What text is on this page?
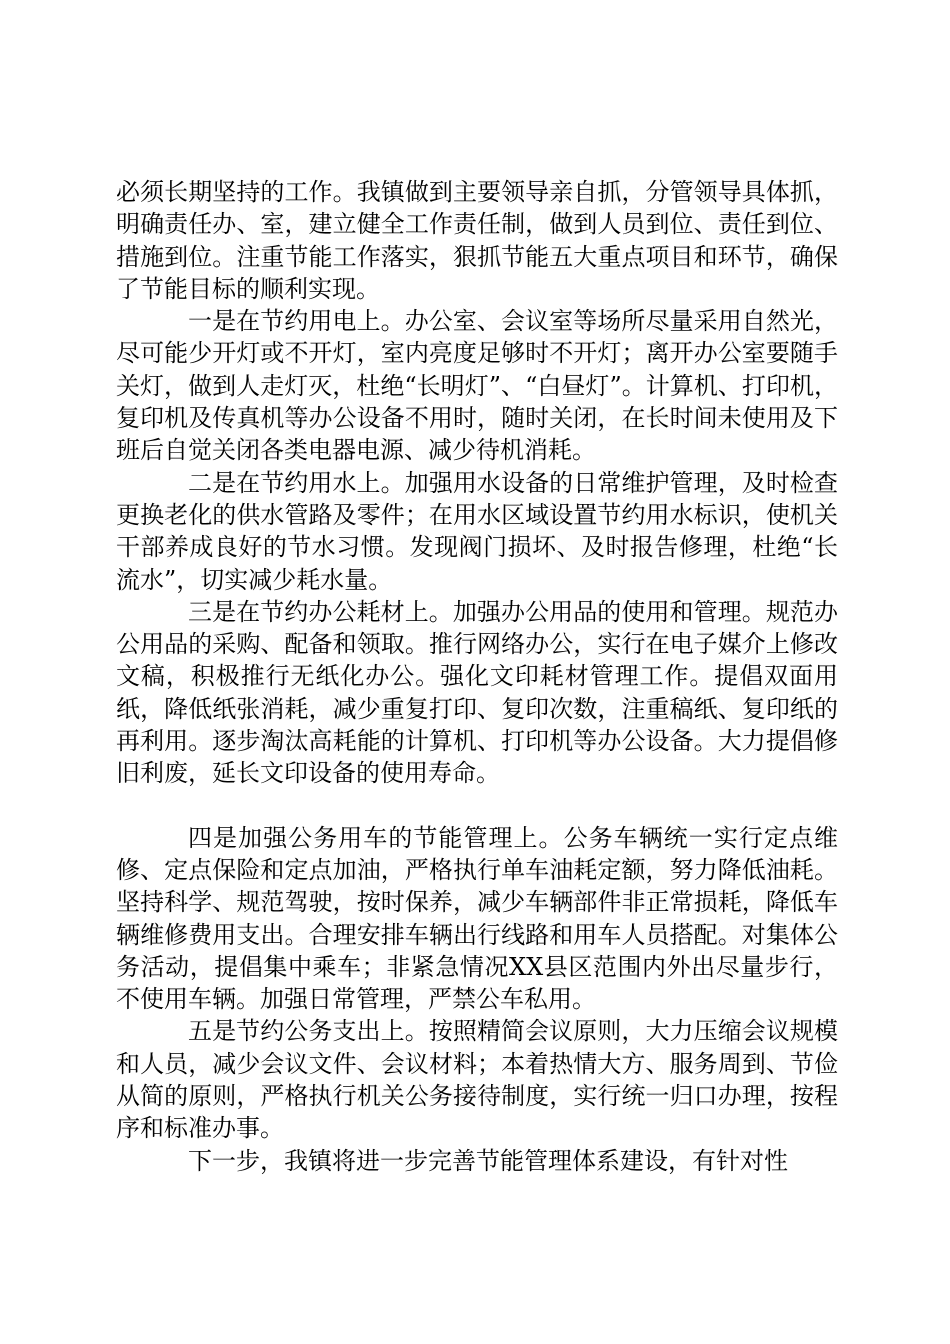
必须长期坚持的工作。我镇做到主要领导亲自抓，分管领导具体抓，明确责任办、室，建立健全工作责任制，做到人员到位、责任到位、措施到位。注重节能工作落实，狠抓节能五大重点项目和环节，确保了节能目标的顺利实现。

一是在节约用电上。办公室、会议室等场所尽量采用自然光，尽可能少开灯或不开灯，室内亮度足够时不开灯；离开办公室要随手关灯，做到人走灯灭，杜绝“长明灯”、“白昼灯”。计算机、打印机，复印机及传真机等办公设备不用时，随时关闭，在长时间未使用及下班后自觉关闭各类电器电源、减少待机消耗。

二是在节约用水上。加强用水设备的日常维护管理，及时检查更换老化的供水管路及零件；在用水区域设置节约用水标识，使机关干部养成良好的节水习惯。发现阀门损坏、及时报告修理，杜绝“长流水”，切实减少耗水量。

三是在节约办公耗材上。加强办公用品的使用和管理。规范办公用品的采购、配备和领取。推行网络办公，实行在电子媒介上修改文稿，积极推行无纸化办公。强化文印耗材管理工作。提倡双面用纸，降低纸张消耗，减少重复打印、复印次数，注重稿纸、复印纸的再利用。逐步淘汰高耗能的计算机、打印机等办公设备。大力提倡修旧利废，延长文印设备的使用寿命。

四是加强公务用车的节能管理上。公务车辆统一实行定点维修、定点保险和定点加油，严格执行单车油耗定额，努力降低油耗。坚持科学、规范驾驶，按时保养，减少车辆部件非正常损耗，降低车辆维修费用支出。合理安排车辆出行线路和用车人员搭配。对集体公务活动，提倡集中乘车；非紧急情况XX县区范围内外出尽量步行，不使用车辆。加强日常管理，严禁公车私用。

五是节约公务支出上。按照精简会议原则，大力压缩会议规模和人员，减少会议文件、会议材料；本着热情大方、服务周到、节俭从简的原则，严格执行机关公务接待制度，实行统一归口办理，按程序和标准办事。

下一步，我镇将进一步完善节能管理体系建设，有针对性
